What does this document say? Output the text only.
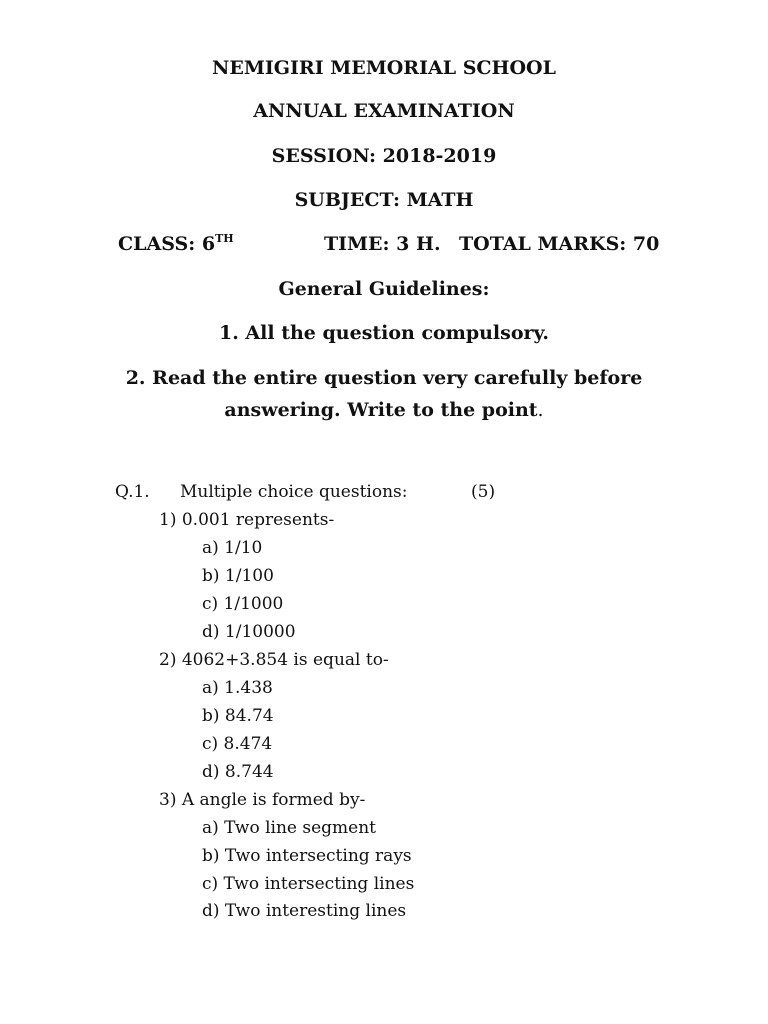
NEMIGIRI MEMORIAL SCHOOL
ANNUAL EXAMINATION
SESSION: 2018-2019
SUBJECT: MATH
CLASS: 6TH	TIME: 3 H. TOTAL MARKS: 70
General Guidelines:
1. All the question compulsory.
2. Read the entire question very carefully before
answering. Write to the point.
Q.1. Multiple choice questions:	(5)
1) 0.001 represents-
a) 1/10
b) 1/100
c) 1/1000
d) 1/10000
2) 4062+3.854 is equal to-
a) 1.438
b) 84.74
c) 8.474
d) 8.744
3) A angle is formed by-
a) Two line segment
b) Two intersecting rays
c) Two intersecting lines
d) Two interesting lines
